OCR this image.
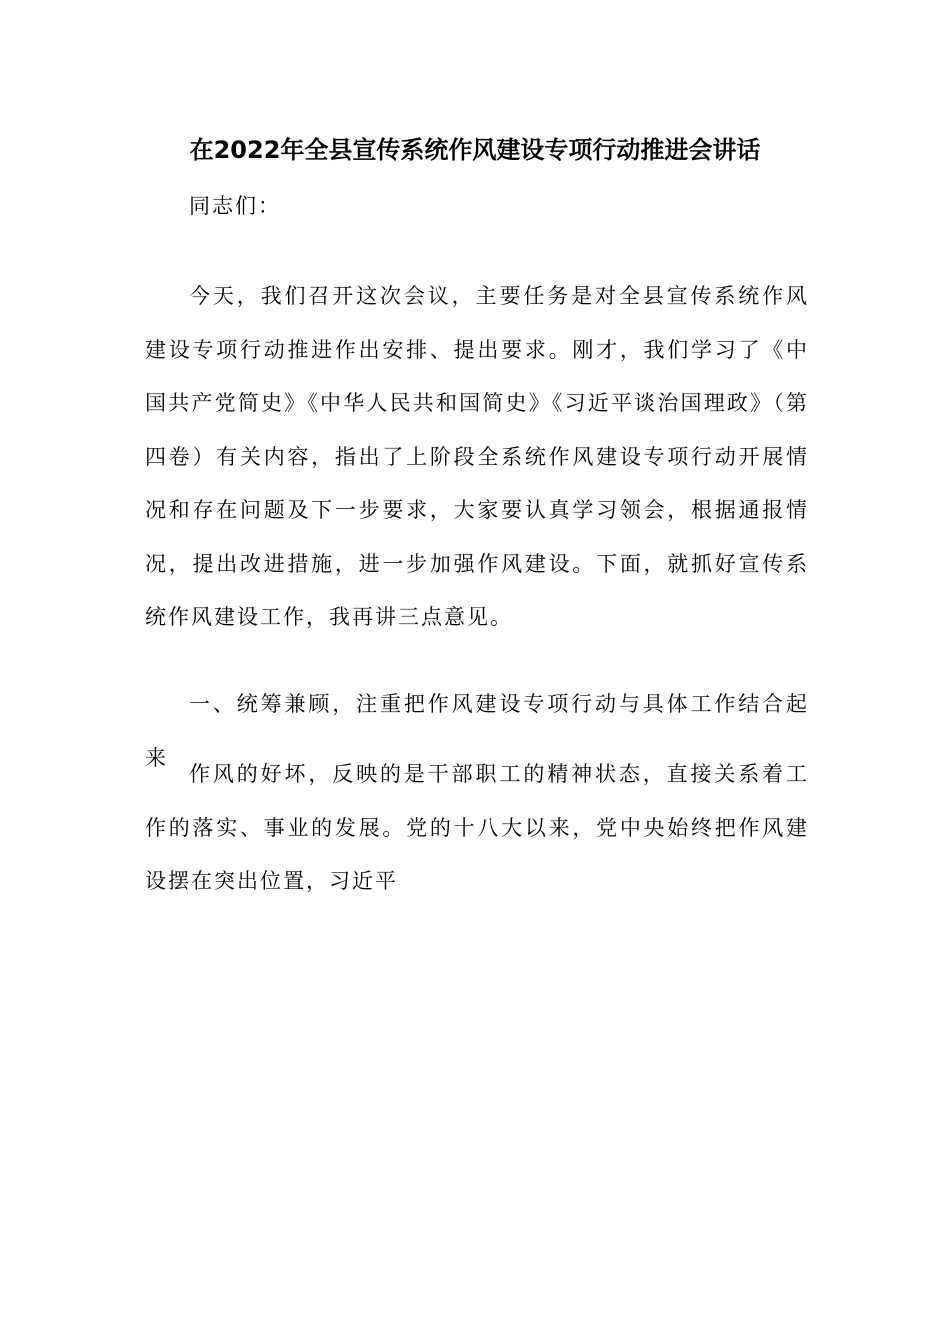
在2022年全县宣传系统作风建设专项行动推进会讲话

同志们：

今天，我们召开这次会议，主要任务是对全县宣传系统作风建设专项行动推进作出安排、提出要求。刚才，我们学习了《中国共产党简史》《中华人民共和国简史》《习近平谈治国理政》（第四卷）有关内容，指出了上阶段全系统作风建设专项行动开展情况和存在问题及下一步要求，大家要认真学习领会，根据通报情况，提出改进措施，进一步加强作风建设。下面，就抓好宣传系统作风建设工作，我再讲三点意见。

一、统筹兼顾，注重把作风建设专项行动与具体工作结合起来

作风的好坏，反映的是干部职工的精神状态，直接关系着工作的落实、事业的发展。党的十八大以来，党中央始终把作风建设摆在突出位置，习近平
